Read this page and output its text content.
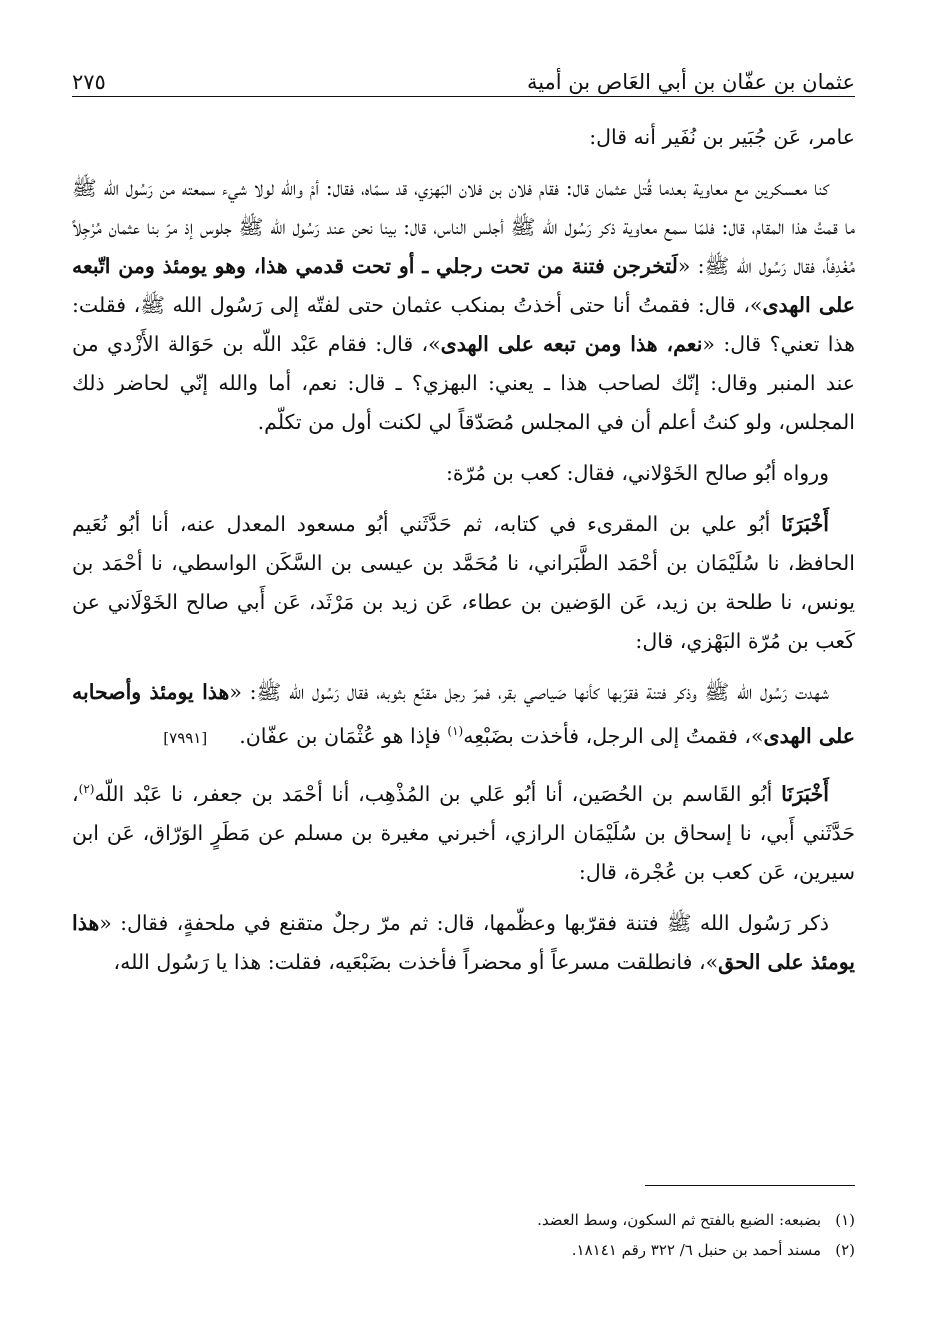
عثمان بن عفّان بن أبي العَاص بن أمية
٢٧٥

عامر، عَن جُبَير بن نُفَير أنه قال:

كنا معسكرين مع معاوية بعدما قُتل عثمان قال: فقام فلان بن فلان البَهزي، قد سمّاه، فقال: أمْ والله لولا شيء سمعته من رَسُول الله ﷺ ما قمتُ هذا المقام، قال: فلمّا سمع معاوية ذكر رَسُول الله ﷺ أجلس الناس، قال: بينا نحن عند رَسُول الله ﷺ جلوس إذ مرّ بنا عثمان مُرْجِلاً مُغْدِفاً، فقال رَسُول الله ﷺ: «لَتخرجن فتنة من تحت رجلي ـ أو تحت قدمي هذا، وهو يومئذ ومن اتّبعه على الهدى»، قال: فقمتُ أنا حتى أخذتُ بمنكب عثمان حتى لفتّه إلى رَسُول الله ﷺ، فقلت: هذا تعني؟ قال: «نعم، هذا ومن تبعه على الهدى»، قال: فقام عَبْد اللّه بن حَوَالة الأَزْدي من عند المنبر وقال: إنّك لصاحب هذا ـ يعني: البهزي؟ ـ قال: نعم، أما والله إنّي لحاضر ذلك المجلس، ولو كنتُ أعلم أن في المجلس مُصَدّقاً لي لكنت أول من تكلّم.

ورواه أبُو صالح الخَوْلاني، فقال: كعب بن مُرّة:

أَخْبَرَنَا أبُو علي بن المقرىء في كتابه، ثم حَدَّثَني أبُو مسعود المعدل عنه، أنا أبُو نُعَيم الحافظ، نا سُلَيْمَان بن أحْمَد الطَّبَراني، نا مُحَمَّد بن عيسى بن السَّكَن الواسطي، نا أحْمَد بن يونس، نا طلحة بن زيد، عَن الوَضين بن عطاء، عَن زيد بن مَرْثَد، عَن أَبي صالح الخَوْلَاني عن كَعب بن مُرّة البَهْزي، قال:

شهدت رَسُول الله ﷺ وذكر فتنة فقرّبها كأنها صَياصي بقر، فمرّ رجل مقنّع بثوبه، فقال رَسُول الله ﷺ: «هذا يومئذ وأصحابه على الهدى»، فقمتُ إلى الرجل، فأخذت بضَبْعِه$^{(١)}$ فإذا هو عُثْمَان بن عفّان.[٧٩٩١]

أَخْبَرَنَا أبُو القَاسم بن الحُصَين، أنا أبُو عَلي بن المُذْهِب، أنا أحْمَد بن جعفر، نا عَبْد اللّه$^{(٢)}$، حَدَّثَني أَبي، نا إسحاق بن سُلَيْمَان الرازي، أخبرني مغيرة بن مسلم عن مَطَرٍ الوَرّاق، عَن ابن سيرين، عَن كعب بن عُجْرة، قال:

ذكر رَسُول الله ﷺ فتنة فقرّبها وعظّمها، قال: ثم مرّ رجلٌ متقنع في ملحفةٍ، فقال: «هذا يومئذ على الحق»، فانطلقت مسرعاً أو محضراً فأخذت بضَبْعَيه، فقلت: هذا يا رَسُول الله،

(١)بضبعه: الضبع بالفتح ثم السكون، وسط العضد.

(٢)مسند أحمد بن حنبل ٦/ ٣٢٢ رقم ١٨١٤١.
